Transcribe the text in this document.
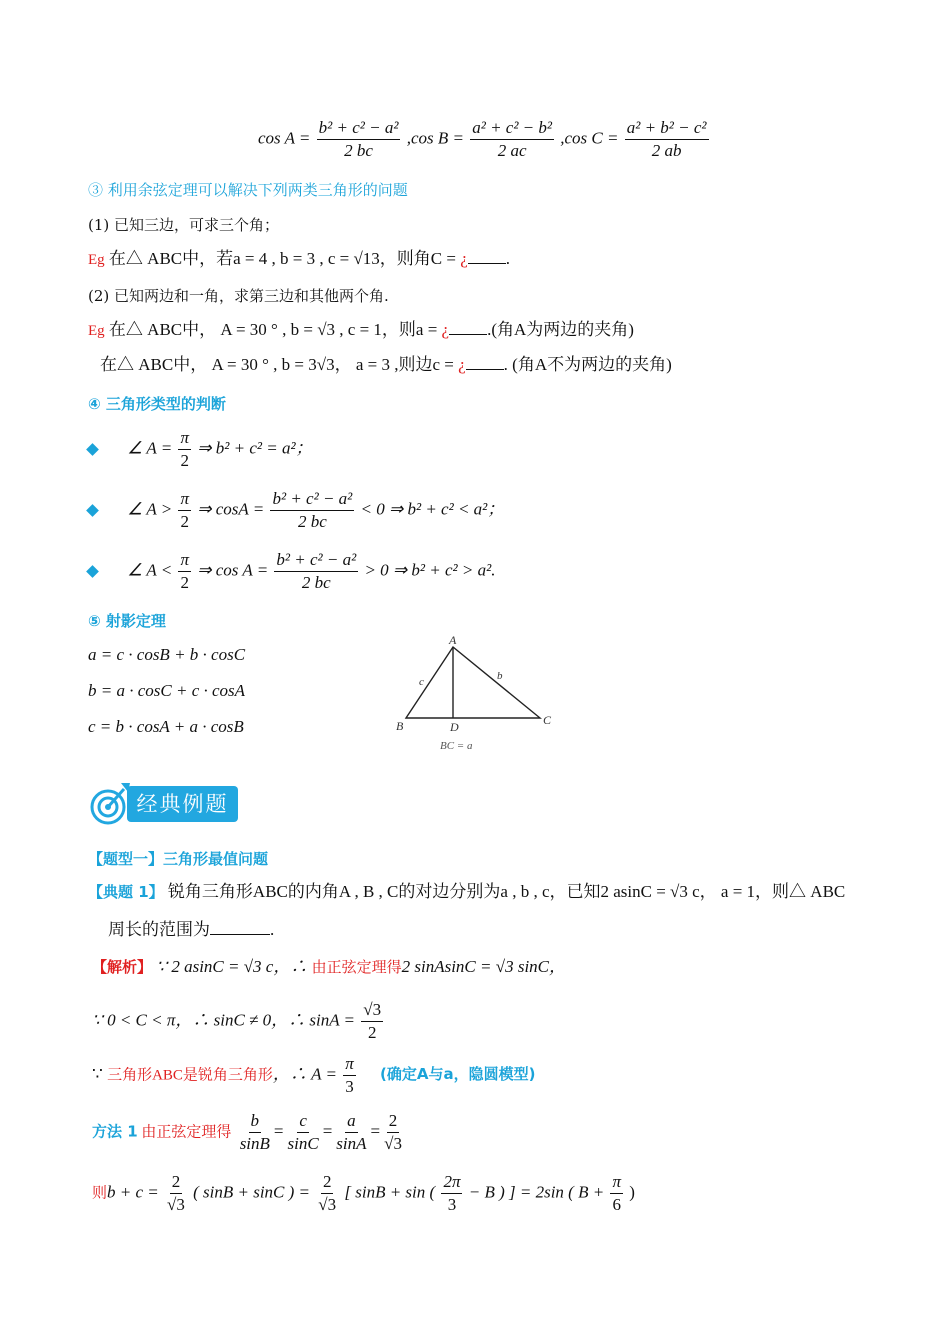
$\cos A = \frac{\text{b² + c² − a²}}{2 bc} ,\cos$ $B = \frac{\text{a² + c² − b²}}{2 ac} ,\cos$ $C = \frac{\text{a² + b² − c²}}{2 ab}$
③ 利用余弦定理可以解决下列两类三角形的问题
(1) 已知三边，可求三个角；
Eg 在△ ABC中，若a = 4 , b = 3 , c = √13，则角C = ¿ .
(2) 已知两边和一角，求第三边和其他两个角.
Eg 在△ ABC中， A = 30 ° , b = √3 , c = 1，则a = ¿ .(角A为两边的夹角)
在△ ABC中， A = 30 ° , b = 3√3， a = 3 ,则边c = ¿ . (角A不为两边的夹角)
④ 三角形类型的判断
∠ $A = \frac{\pi}{2}$ ⇒ b² + c² = a²；
∠ $A > \frac{\pi}{2}$ ⇒ $\cos A = \frac{\text{b² + c² − a²}}{2 bc} < 0$ ⇒ b² + c² < a²；
∠ $A < \frac{\pi}{2}$ ⇒ $\cos A = \frac{\text{b² + c² − a²}}{2 bc} > 0$ ⇒ b² + c² > a².
⑤ 射影定理
a = c · cosB + b · cosC
b = a · cosC + c · cosA
c = b · cosA + a · cosB
A
B	C
D
b
c
BC = a
经典例题
【题型一】三角形最值问题
【典题 1】 锐角三角形ABC的内角A , B , C的对边分别为a , b , c，已知2 asinC = √3 c， a = 1，则△ ABC
周长的范围为	.
【解析】 ∵ 2 asinC = √3 c，∴ 由正弦定理得2 sinAsinC = √3 sinC，
∵ 0 < C < π，∴ sinC ≠ 0，∴ $\sin A = \frac{√3}{2}$
∵ 三角形ABC是锐角三角形，∴ $A = \frac{\pi}{3}$ (确定A与a，隐圆模型)
方法 1 由正弦定理得 $\frac{b}{\sin B} = \frac{c}{\sin C} = \frac{a}{\sin A} = \frac{2}{√3}$
则$b + c = \frac{2}{√3}$ ( sinB + sinC ) = $\frac{2}{√3}$ [ sinB + sin ( $\frac{2\pi}{3} - B$ ) ] = 2sin ( $B + \frac{\pi}{6}$ )
